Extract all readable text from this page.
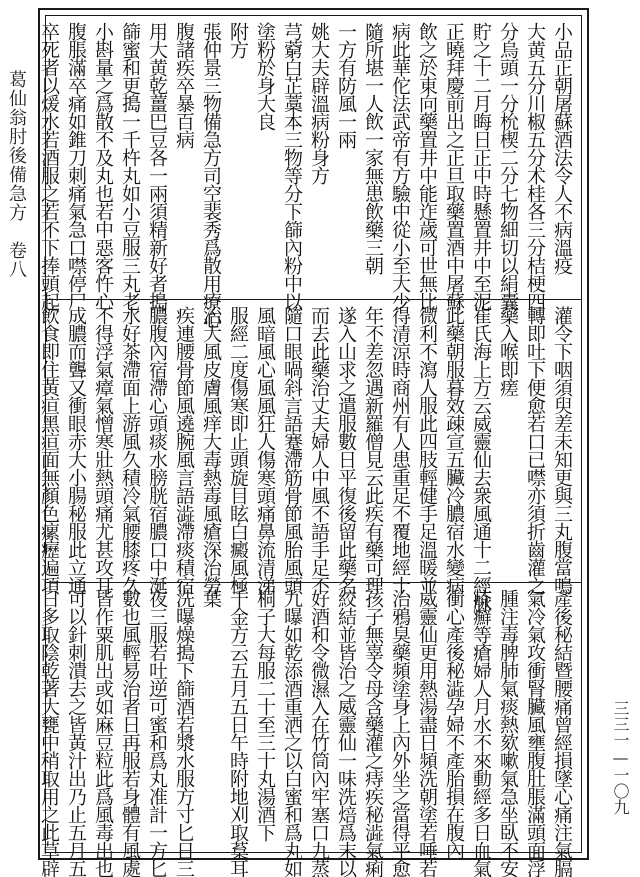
葛仙翁肘後備急方　卷八	小品正朝屠蘇酒法令人不病溫疫
大黄五分川椒五分术桂各三分桔梗四
分烏頭一分㭇楔二分七物細切以絹囊
貯之十二月晦日正中時懸置井中至泥
正曉拜慶前出之正旦取藥置酒中屠蘇
飲之於東向藥置井中能迮歲可世無比
病此華佗法武帝有方驗中從小至大少
隨所堪一人飲一家無患飲藥三朝
一方有防風一兩
姚大夫辟溫病粉身方
芎藭白芷藁本三物等分下篩內粉中以
塗粉於身大良
附方
張仲景三物備急方司空裴秀爲散用療心
腹諸疾卒暴百病
用大黄乾薑巴豆各一兩須精新好者搗
篩蜜和更搗一千杵丸如小豆服三丸老
小斟量之爲散不及丸也若中惡客忤心
腹脹滿卒痛如錐刀刺痛氣急口噤停尸
卒死者以煖水若酒服之若不下捧頭起
灌令下咽須臾差未知更與三丸腹當鳴
轉即吐下便愈若口已噤亦須折齒灌之
藥入喉即瘥
崔氏海上方云威靈仙去衆風通十二經脉
此藥朝服暮效疎宣五臟冷膿宿水變病
微利不瀉人服此四肢輕健手足溫暖並
得清涼時商州有人患重足不覆地經十
年不差忽遇新羅僧見云此疾有藥可理
遂入山求之遣服數日平復後留此藥名
而去此藥治丈夫婦人中風不語手足不
隨口眼喎斜言語蹇滯筋骨節風胎風頭
風暗風心風風狂人傷寒頭痛鼻流清涕
服經二度傷寒即止頭旋目眩白癜風極
治大風皮膚風痒大毒熱毒風瘡深治勞
疾連腰骨節風遶腕風言語澁滯痰積宿
膿腹內宿滯心頭痰水膀胱宿膿口中涎
水好茶滯面上游風久積冷氣腰膝疼久
不得浮氣瘴氣憎寒壯熱頭痛尤甚攻耳
成膿而聾又衝眼赤大小腸秘服此立通
飲食即住黃疸黑疸面無顏色瘰癧遍項
產後秘結暨腰痛曾經損墜心痛注氣膈
氣冷氣攻衝腎臟風壅腹肚脹滿頭面浮
腫注毒脾肺氣痰熱欬嗽氣急坐臥不安
疥癬等瘡婦人月水不來動經多日血氣
衝心產後秘澁孕婦不產胎損在腹內
威靈仙更用熱湯盡日頻洗朝塗若唾若
治鴉臭藥頻塗身上內外坐之當得平愈
孩子無辜令母含藥灌之痔疾秘澁氣痢
絞結並皆治之威靈仙一味洗焙爲末以
好酒和令微濕入在竹筒內牢塞口九蒸
九曝如乾添酒重洒之以白蜜和爲丸如
桐子大每服二十至三十丸湯酒下
千金方云五月五日午時附地刈取葈耳
葉
洗曝燥搗下篩酒若漿水服方寸匕日三
夜三服若吐逆可蜜和爲丸准計一方匕
數也風輕易治者日再服若身體有風處
皆作粟肌出或如麻豆粒此爲風毒出也
可以針刺潰去之皆黃汁出乃止五月五
日多取陰乾著大甕中稍取用之此草辟	三三一—一〇九
